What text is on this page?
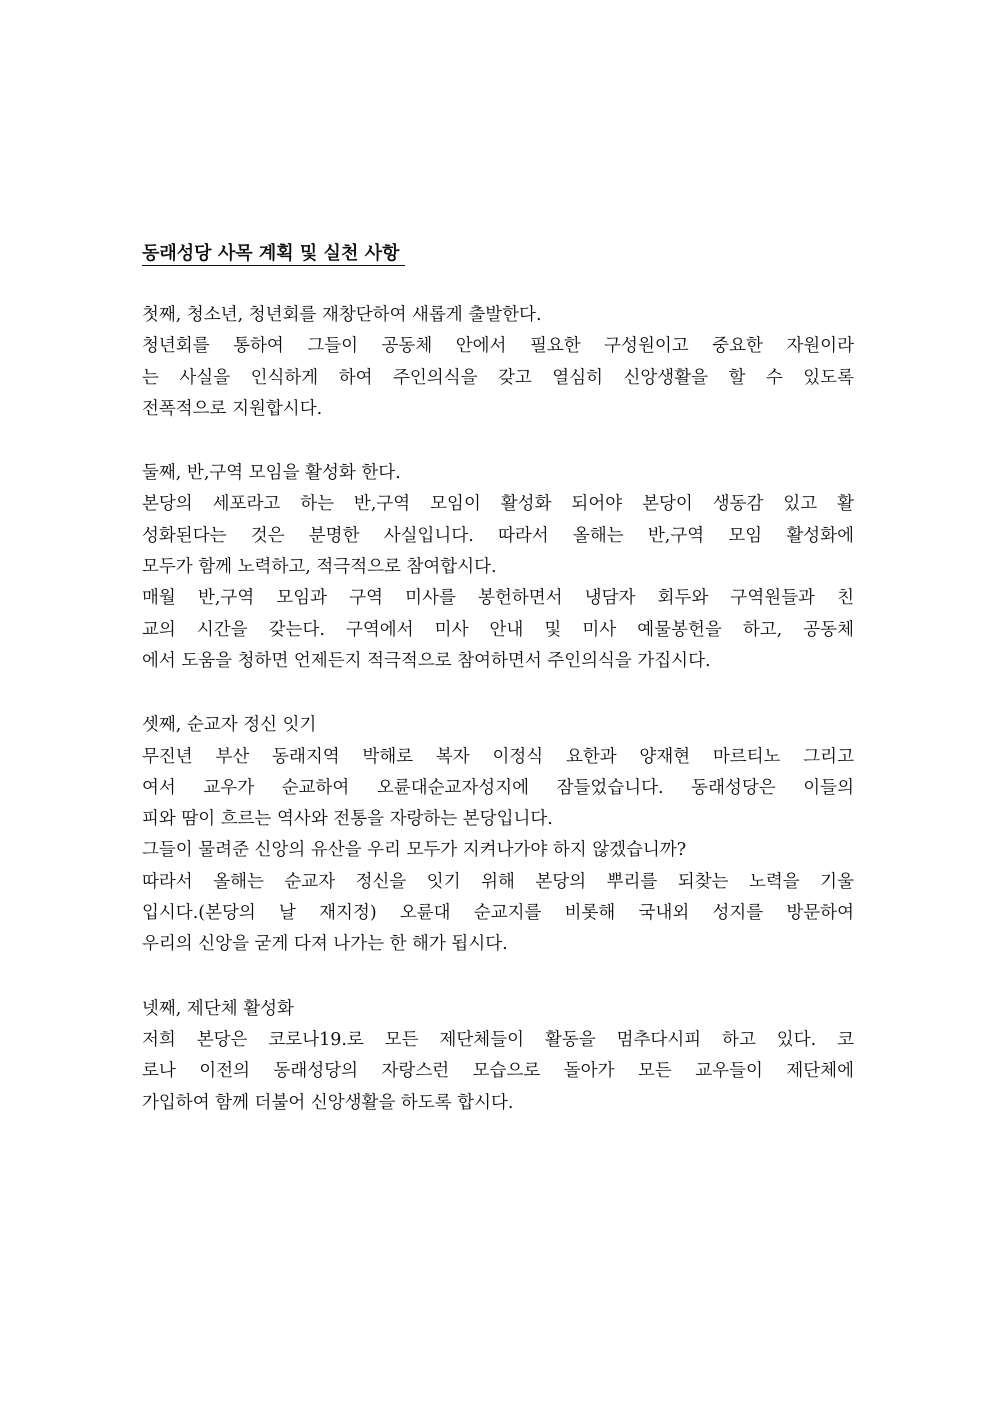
동래성당 사목 계획 및 실천 사항
첫째, 청소년, 청년회를 재창단하여 새롭게 출발한다.
청년회를 통하여 그들이 공동체 안에서 필요한 구성원이고 중요한 자원이라
는 사실을 인식하게 하여 주인의식을 갖고 열심히 신앙생활을 할 수 있도록
전폭적으로 지원합시다.
둘째, 반,구역 모임을 활성화 한다.
본당의 세포라고 하는 반,구역 모임이 활성화 되어야 본당이 생동감 있고 활
성화된다는 것은 분명한 사실입니다. 따라서 올해는 반,구역 모임 활성화에
모두가 함께 노력하고, 적극적으로 참여합시다.
매월 반,구역 모임과 구역 미사를 봉헌하면서 냉담자 회두와 구역원들과 친
교의 시간을 갖는다. 구역에서 미사 안내 및 미사 예물봉헌을 하고, 공동체
에서 도움을 청하면 언제든지 적극적으로 참여하면서 주인의식을 가집시다.
셋째, 순교자 정신 잇기
무진년 부산 동래지역 박해로 복자 이정식 요한과 양재현 마르티노 그리고
여서 교우가 순교하여 오륜대순교자성지에 잠들었습니다. 동래성당은 이들의
피와 땀이 흐르는 역사와 전통을 자랑하는 본당입니다.
그들이 물려준 신앙의 유산을 우리 모두가 지켜나가야 하지 않겠습니까?
따라서 올해는 순교자 정신을 잇기 위해 본당의 뿌리를 되찾는 노력을 기울
입시다.(본당의 날 재지정) 오륜대 순교지를 비롯해 국내외 성지를 방문하여
우리의 신앙을 굳게 다져 나가는 한 해가 됩시다.
넷째, 제단체 활성화
저희 본당은 코로나19.로 모든 제단체들이 활동을 멈추다시피 하고 있다. 코
로나 이전의 동래성당의 자랑스런 모습으로 돌아가 모든 교우들이 제단체에
가입하여 함께 더불어 신앙생활을 하도록 합시다.
